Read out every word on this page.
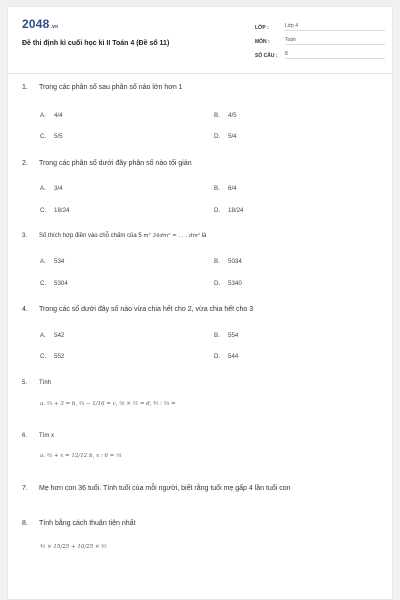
2048.vn
Đề thi định kì cuối học kì II Toán 4 (Đề số 11)
LỚP :	Lớp 4
MÔN :	Toán
SỐ CÂU :	8
1.	Trong các phân số sau phân số nào lớn hơn 1
A. 4/4	B. 4/5
C. 5/5	D. 5/4
2.	Trong các phân số dưới đây phân số nào tối giản
A. 3/4	B. 6/4
C. 18/24	D. 18/24
3.	Số thích hợp điền vào chỗ chấm của 5 m² 34dm² = . . . dm² là
A. 534	B. 5034
C. 5304	D. 5340
4.	Trong các số dưới đây số nào vừa chia hết cho 2, vừa chia hết cho 3
A. 542	B. 554
C. 552	D. 544
5.	Tính
a. ⅔ + 3 = b, ⅔ − 1/16 = c, ⅚ × ⅖ = d, ⅘ : ⅔ =
6.	Tìm x
a. ⅔ + x = 12/12 b, x : 6 = ⅓
7.	Mẹ hơn con 36 tuổi. Tính tuổi của mỗi người, biết rằng tuổi mẹ gấp 4 lần tuổi con
8.	Tính bằng cách thuận tiện nhất
⅘ × 15/25 + 10/25 × ⅘
